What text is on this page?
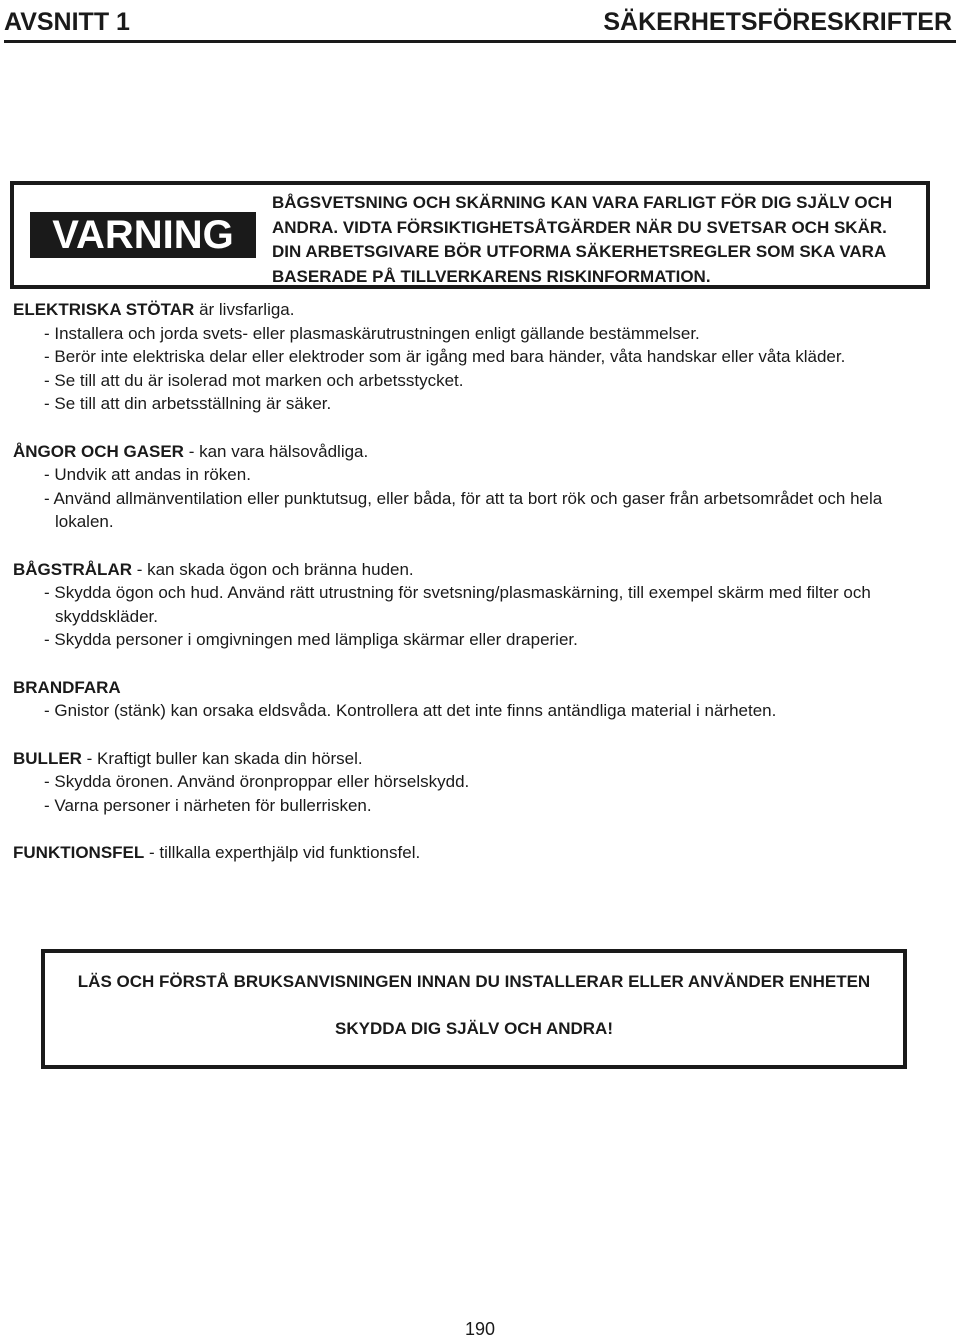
AVSNITT 1	SÄKERHETSFÖRESKRIFTER
VARNING
BÅGSVETSNING OCH SKÄRNING KAN VARA FARLIGT FÖR DIG SJÄLV OCH
ANDRA. VIDTA FÖRSIKTIGHETSÅTGÄRDER NÄR DU SVETSAR OCH SKÄR.
DIN ARBETSGIVARE BÖR UTFORMA SÄKERHETSREGLER SOM SKA VARA
BASERADE PÅ TILLVERKARENS RISKINFORMATION.
ELEKTRISKA STÖTAR är livsfarliga.
- Installera och jorda svets- eller plasmaskärutrustningen enligt gällande bestämmelser.
- Berör inte elektriska delar eller elektroder som är igång med bara händer, våta handskar eller våta kläder.
- Se till att du är isolerad mot marken och arbetsstycket.
- Se till att din arbetsställning är säker.
ÅNGOR OCH GASER - kan vara hälsovådliga.
- Undvik att andas in röken.
- Använd allmänventilation eller punktutsug, eller båda, för att ta bort rök och gaser från arbetsområdet och hela lokalen.
BÅGSTRÅLAR - kan skada ögon och bränna huden.
- Skydda ögon och hud. Använd rätt utrustning för svetsning/plasmaskärning, till exempel skärm med filter och skyddskläder.
- Skydda personer i omgivningen med lämpliga skärmar eller draperier.
BRANDFARA
- Gnistor (stänk) kan orsaka eldsvåda. Kontrollera att det inte finns antändliga material i närheten.
BULLER - Kraftigt buller kan skada din hörsel.
- Skydda öronen. Använd öronproppar eller hörselskydd.
- Varna personer i närheten för bullerrisken.
FUNKTIONSFEL - tillkalla experthjälp vid funktionsfel.
LÄS OCH FÖRSTÅ BRUKSANVISNINGEN INNAN DU INSTALLERAR ELLER ANVÄNDER ENHETEN
SKYDDA DIG SJÄLV OCH ANDRA!
190
